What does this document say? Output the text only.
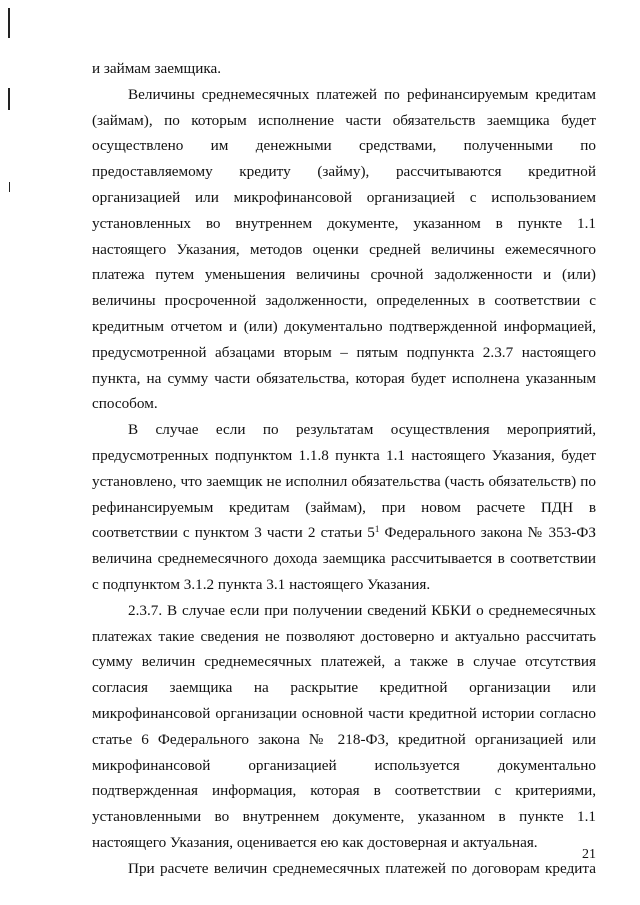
и займам заемщика.

Величины среднемесячных платежей по рефинансируемым кредитам (займам), по которым исполнение части обязательств заемщика будет осуществлено им денежными средствами, полученными по предоставляемому кредиту (займу), рассчитываются кредитной организацией или микрофинансовой организацией с использованием установленных во внутреннем документе, указанном в пункте 1.1 настоящего Указания, методов оценки средней величины ежемесячного платежа путем уменьшения величины срочной задолженности и (или) величины просроченной задолженности, определенных в соответствии с кредитным отчетом и (или) документально подтвержденной информацией, предусмотренной абзацами вторым – пятым подпункта 2.3.7 настоящего пункта, на сумму части обязательства, которая будет исполнена указанным способом.

В случае если по результатам осуществления мероприятий, предусмотренных подпунктом 1.1.8 пункта 1.1 настоящего Указания, будет установлено, что заемщик не исполнил обязательства (часть обязательств) по рефинансируемым кредитам (займам), при новом расчете ПДН в соответствии с пунктом 3 части 2 статьи $5^1$ Федерального закона № 353-ФЗ величина среднемесячного дохода заемщика рассчитывается в соответствии с подпунктом 3.1.2 пункта 3.1 настоящего Указания.

2.3.7. В случае если при получении сведений КБКИ о среднемесячных платежах такие сведения не позволяют достоверно и актуально рассчитать сумму величин среднемесячных платежей, а также в случае отсутствия согласия заемщика на раскрытие кредитной организации или микрофинансовой организации основной части кредитной истории согласно статье 6 Федерального закона № 218-ФЗ, кредитной организацией или микрофинансовой организацией используется документально подтвержденная информация, которая в соответствии с критериями, установленными во внутреннем документе, указанном в пункте 1.1 настоящего Указания, оценивается ею как достоверная и актуальная.

При расчете величин среднемесячных платежей по договорам кредита

21
